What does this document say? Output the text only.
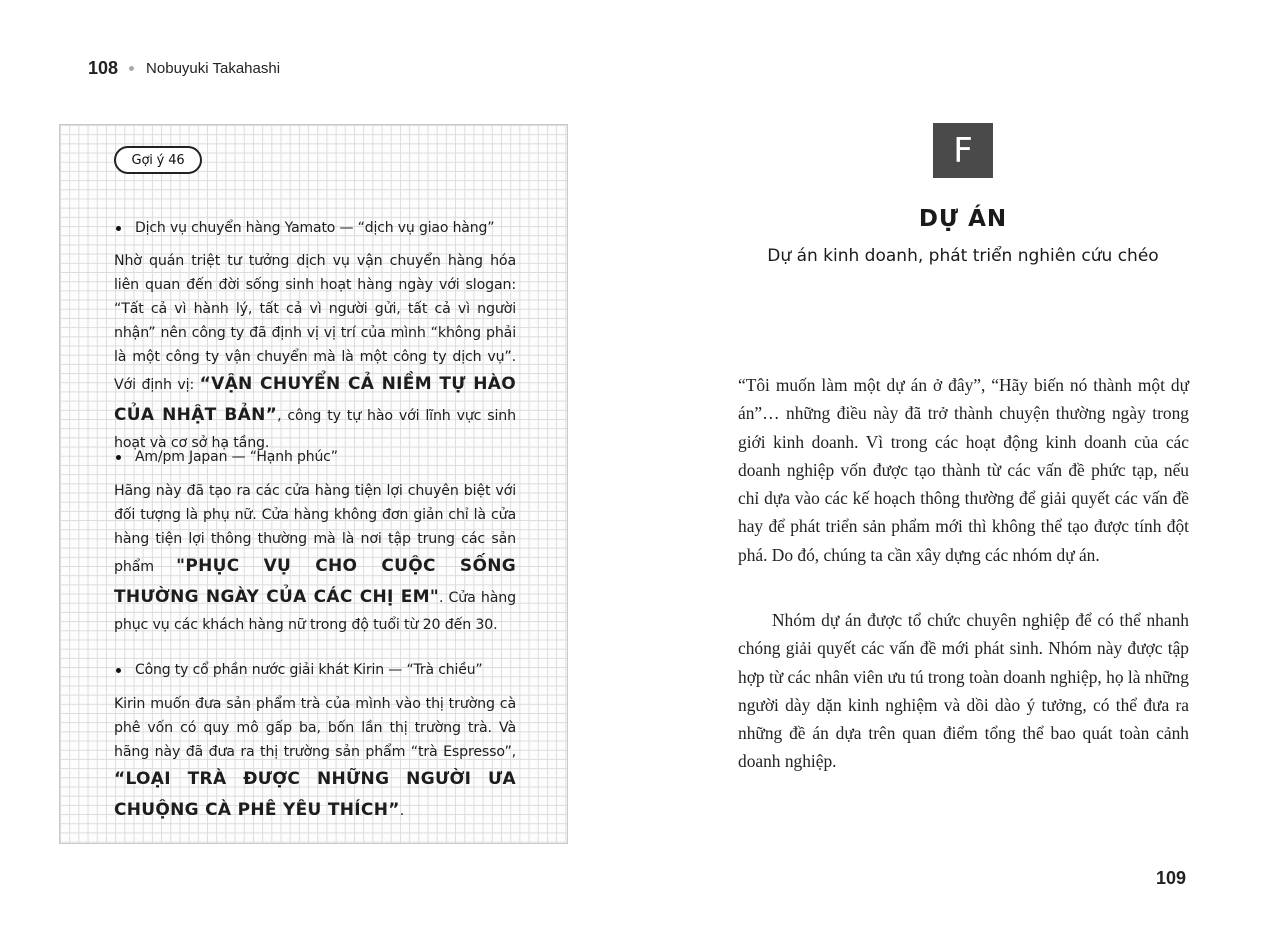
108 Nobuyuki Takahashi
Gợi ý 46
Dịch vụ chuyển hàng Yamato — “dịch vụ giao hàng”
Nhờ quán triệt tư tưởng dịch vụ vận chuyển hàng hóa liên quan đến đời sống sinh hoạt hàng ngày với slogan: “Tất cả vì hành lý, tất cả vì người gửi, tất cả vì người nhận” nên công ty đã định vị vị trí của mình “không phải là một công ty vận chuyển mà là một công ty dịch vụ”. Với định vị: “VẬN CHUYỂN CẢ NIỀM TỰ HÀO CỦA NHẬT BẢN”, công ty tự hào với lĩnh vực sinh hoạt và cơ sở hạ tầng.
Am/pm Japan — “Hạnh phúc”
Hãng này đã tạo ra các cửa hàng tiện lợi chuyên biệt với đối tượng là phụ nữ. Cửa hàng không đơn giản chỉ là cửa hàng tiện lợi thông thường mà là nơi tập trung các sản phẩm "PHỤC VỤ CHO CUỘC SỐNG THƯỜNG NGÀY CỦA CÁC CHỊ EM". Cửa hàng phục vụ các khách hàng nữ trong độ tuổi từ 20 đến 30.
Công ty cổ phần nước giải khát Kirin — “Trà chiều”
Kirin muốn đưa sản phẩm trà của mình vào thị trường cà phê vốn có quy mô gấp ba, bốn lần thị trường trà. Và hãng này đã đưa ra thị trường sản phẩm “trà Espresso”, “LOẠI TRÀ ĐƯỢC NHỮNG NGƯỜI ƯA CHUỘNG CÀ PHÊ YÊU THÍCH”.
F
DỰ ÁN
Dự án kinh doanh, phát triển nghiên cứu chéo

“Tôi muốn làm một dự án ở đây”, “Hãy biến nó thành một dự án”… những điều này đã trở thành chuyện thường ngày trong giới kinh doanh. Vì trong các hoạt động kinh doanh của các doanh nghiệp vốn được tạo thành từ các vấn đề phức tạp, nếu chỉ dựa vào các kế hoạch thông thường để giải quyết các vấn đề hay để phát triển sản phẩm mới thì không thể tạo được tính đột phá. Do đó, chúng ta cần xây dựng các nhóm dự án.

Nhóm dự án được tổ chức chuyên nghiệp để có thể nhanh chóng giải quyết các vấn đề mới phát sinh. Nhóm này được tập hợp từ các nhân viên ưu tú trong toàn doanh nghiệp, họ là những người dày dặn kinh nghiệm và dồi dào ý tưởng, có thể đưa ra những đề án dựa trên quan điểm tổng thể bao quát toàn cảnh doanh nghiệp.

109
